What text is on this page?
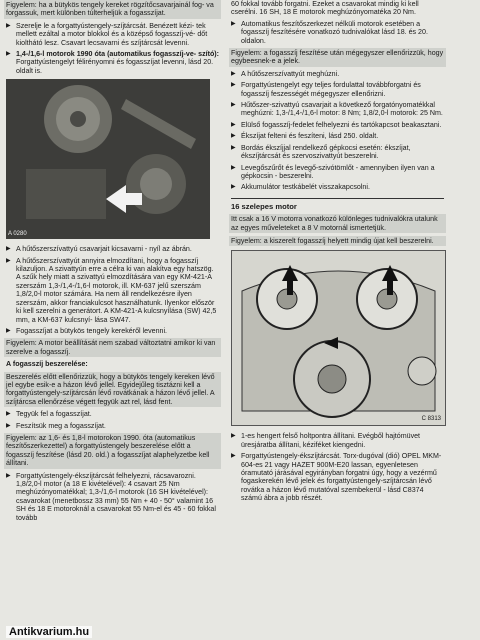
Figyelem: ha a bütykös tengely kereket rögzítőcsavarjainál fog- va forgassuk, mert különben túlterheljük a fogasszíjat.

▶ Szerelje le a forgattyústengely-szíjtárcsát. Benézett kézi- tek mellett ezáltal a motor blokkol és a középső fogasszíj-vé- dőt kiolthátó lesz. Csavart lecsavarni és szíjtárcsát levenni.
▶ 1,4-/1,6-l motorok 1990 óta (automatikus fogasszíj-ve- szító): Forgattyústengelyt félirényomni és fogasszíjat levenni, lásd 20. oldalt is.
A 0280
▶ A hűtőszerszívattyú csavarjait kicsavarni - nyíl az ábrán.
▶ A hűtőszerszívattyút annyira elmozdítani, hogy a fogasszíj kilazuljon. A szivattyún erre a célra ki van alakítva egy hatszög. A szűk hely miatt a szivattyú elmozdítására van egy KM-421-A szerszám 1,3-/1,4-/1,6-l motorok, ill. KM-637 jelű szerszám 1,8/2,0-l motor számára. Ha nem áll rendelkezésre ilyen szerszám, akkor franciakulcsot használhatunk. Ilyenkor először ki kell szerelni a generátort. A KM-421-A kulcsnyílása (SW) 42,5 mm, a KM-637 kulcsnyí- lása SW47.
▶ Fogasszíjat a bütykös tengely kerekéről levenni.

Figyelem: A motor beállítását nem szabad változtatni amikor ki van szerelve a fogasszíj.

A fogasszíj beszerelése:

Beszerelés előtt ellenőrizzük, hogy a bütykös tengely kereken lévő jel egybe esik-e a házon lévő jellel. Egyidejűleg tisztázni kell a forgattyústengely-szíjtárcsán lévő rovátkának a házon lévő jellel. A szíjtárcsa ellenőrzése végett fegyük azt rel, lásd fent.

▶ Tegyük fel a fogasszíjat.
▶ Feszítsük meg a fogasszíjat.

Figyelem: az 1,6- és 1,8-l motorokon 1990. óta (automatikus feszítőszerkezettel) a forgattyústengely beszerelése előtt a fogasszíj feszítése (lásd 20. old.) a fogasszíjat alaphelyzetbe kell állítani.

▶ Forgattyústengely-ékszíjtárcsát felhelyezni, rácsavarozni. 1,8/2,0-l motor (a 18 E kivételével): 4 csavart 25 Nm meghúzónyomatékkal; 1,3-/1,6-l motorok (16 SH kivételével): csavarokat (menetbossz 33 mm) 55 Nm + 40 - 50° valamint 16 SH és 18 E motoroknál a csavarokat 55 Nm-el és 45 - 60 fokkal tovább

60 fokkal tovább forgatni. Ezeket a csavarokat mindig ki kell cserélni. 16 SH, 18 E motorok meghúzónyomatéka 20 Nm.

▶ Automatikus feszítőszerkezet nélküli motorok esetében a fogasszíj feszítésére vonatkozó tudnivalókat lásd 18. és 20. oldalon.

Figyelem: a fogasszíj feszítése után mégegyszer ellenőrizzük, hogy egybeesnek-e a jelek.

▶ A hűtőszerszívattyút meghúzni.
▶ Forgattyústengelyt egy teljes fordulattal továbbforgatni és fogasszíj feszességét mégegyszer ellenőrizni.
▶ Hűtőszer-szivattyú csavarjait a következő forgatónyomatékkal meghúzni: 1,3-/1,4-/1,6-l motor: 8 Nm; 1,8/2,0-l motorok: 25 Nm.
▶ Elülső fogasszíj-fedelet felhelyezni és tartókapcsot beakasztani.
▶ Ékszíjat felteni és feszíteni, lásd 250. oldalt.
▶ Bordás ékszíjjal rendelkező gépkocsi esetén: ékszíjat, ékszíjtárcsát és szervoszivattyút beszerelni.
▶ Levegőszűrőt és levegő-szivótömlőt - amennyiben ilyen van a gépkocsin - beszerelni.
▶ Akkumulátor testkábelét visszakapcsolni.
16 szelepes motor

Itt csak a 16 V motorra vonatkozó különleges tudnivalókra utalunk az egyes műveleteket a 8 V motornál ismertetjük.

Figyelem: a kiszerelt fogasszíj helyett mindig újat kell beszerelni.

C 8313
▶ 1-es hengert felső holtpontra állítani. Evégből hajtómüvet üresjáratba állítani, kéziféket kiengedni.
▶ Forgattyústengely-ékszíjtárcsát. Torx-dugóval (dió) OPEL MKM-604-es 21 vagy HAZET 900M-E20 lassan, egyenletesen óramutató járásával egyirányban forgatni úgy, hogy a vezérmű fogaskerekén lévő jelek és forgattyústengely-szíjtárcsán lévő rovátka a házon lévő mutatóval szembekerül - lásd C8374 számú ábra a jobb részét.
Antikvarium.hu
